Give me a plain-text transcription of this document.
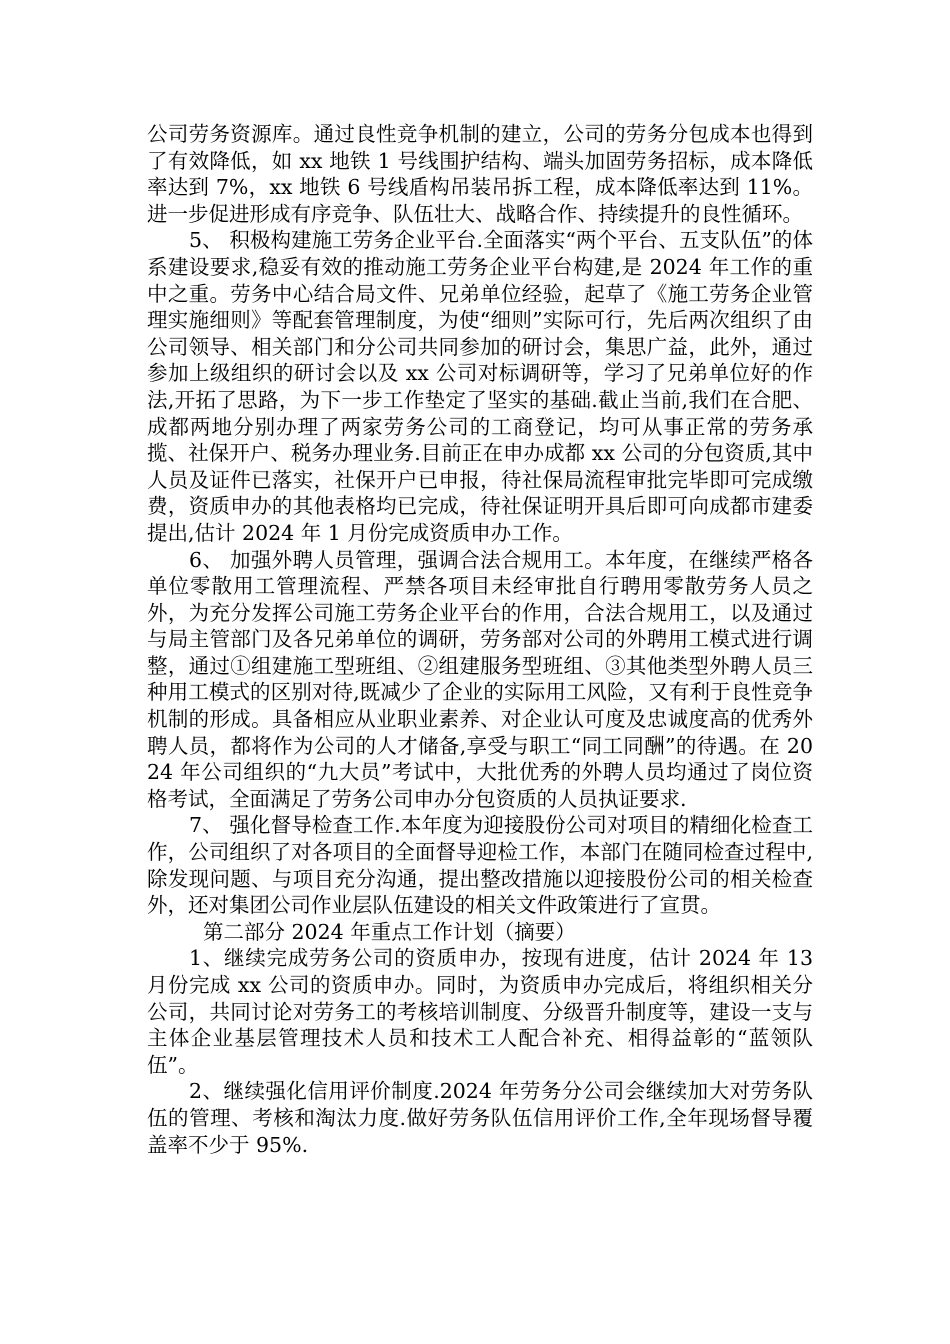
公司劳务资源库。通过良性竞争机制的建立，公司的劳务分包成本也得到了有效降低，如 xx 地铁 1 号线围护结构、端头加固劳务招标，成本降低率达到 7%，xx 地铁 6 号线盾构吊装吊拆工程，成本降低率达到 11%。进一步促进形成有序竞争、队伍壮大、战略合作、持续提升的良性循环。

5、 积极构建施工劳务企业平台.全面落实“两个平台、五支队伍”的体系建设要求,稳妥有效的推动施工劳务企业平台构建,是 2024 年工作的重中之重。劳务中心结合局文件、兄弟单位经验，起草了《施工劳务企业管理实施细则》等配套管理制度，为使“细则”实际可行，先后两次组织了由公司领导、相关部门和分公司共同参加的研讨会，集思广益，此外，通过参加上级组织的研讨会以及 xx 公司对标调研等，学习了兄弟单位好的作法,开拓了思路，为下一步工作垫定了坚实的基础.截止当前,我们在合肥、成都两地分别办理了两家劳务公司的工商登记，均可从事正常的劳务承揽、社保开户、税务办理业务.目前正在申办成都 xx 公司的分包资质,其中人员及证件已落实，社保开户已申报，待社保局流程审批完毕即可完成缴费，资质申办的其他表格均已完成，待社保证明开具后即可向成都市建委提出,估计 2024 年 1 月份完成资质申办工作。

6、 加强外聘人员管理，强调合法合规用工。本年度，在继续严格各单位零散用工管理流程、严禁各项目未经审批自行聘用零散劳务人员之外，为充分发挥公司施工劳务企业平台的作用，合法合规用工，以及通过与局主管部门及各兄弟单位的调研，劳务部对公司的外聘用工模式进行调整，通过①组建施工型班组、②组建服务型班组、③其他类型外聘人员三种用工模式的区别对待,既减少了企业的实际用工风险，又有利于良性竞争机制的形成。具备相应从业职业素养、对企业认可度及忠诚度高的优秀外聘人员，都将作为公司的人才储备,享受与职工“同工同酬”的待遇。在 2024 年公司组织的“九大员”考试中，大批优秀的外聘人员均通过了岗位资格考试，全面满足了劳务公司申办分包资质的人员执证要求.

7、 强化督导检查工作.本年度为迎接股份公司对项目的精细化检查工作，公司组织了对各项目的全面督导迎检工作，本部门在随同检查过程中,除发现问题、与项目充分沟通，提出整改措施以迎接股份公司的相关检查外，还对集团公司作业层队伍建设的相关文件政策进行了宣贯。

第二部分 2024 年重点工作计划（摘要）

1、继续完成劳务公司的资质申办，按现有进度，估计 2024 年 13 月份完成 xx 公司的资质申办。同时，为资质申办完成后，将组织相关分公司，共同讨论对劳务工的考核培训制度、分级晋升制度等，建设一支与主体企业基层管理技术人员和技术工人配合补充、相得益彰的“蓝领队伍”。

2、继续强化信用评价制度.2024 年劳务分公司会继续加大对劳务队伍的管理、考核和淘汰力度.做好劳务队伍信用评价工作,全年现场督导覆盖率不少于 95%.
